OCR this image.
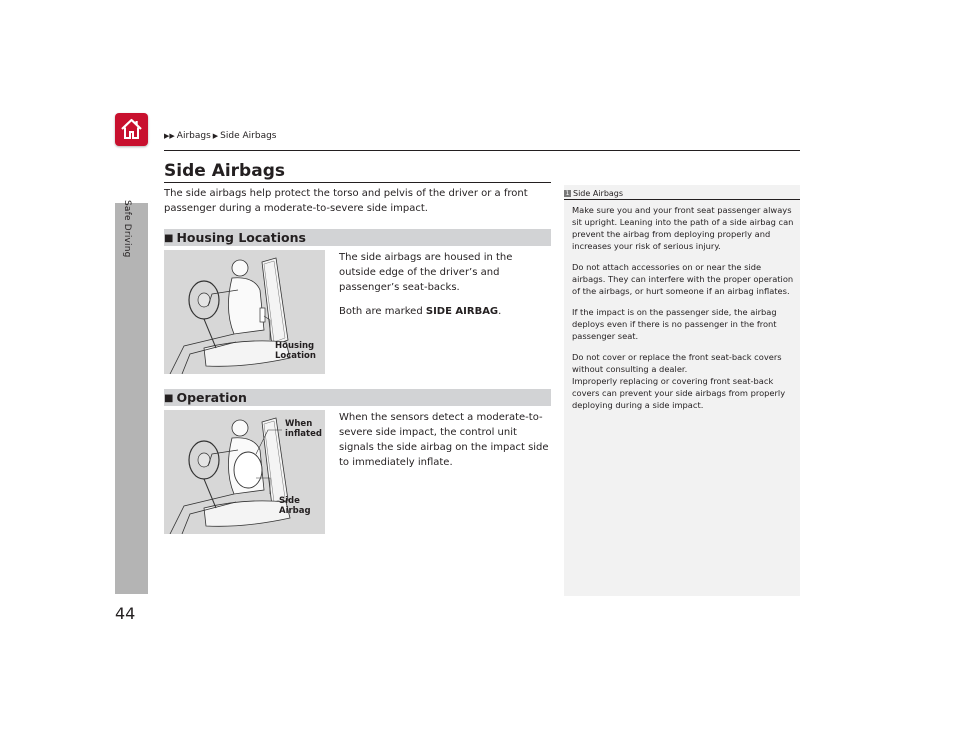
Safe Driving
44
▶▶ Airbags ▶ Side Airbags
Side Airbags
The side airbags help protect the torso and pelvis of the driver or a front passenger during a moderate-to-severe side impact.
■ Housing Locations
Housing
Location

The side airbags are housed in the outside edge of the driver’s and passenger’s seat-backs.

Both are marked SIDE AIRBAG.

■ Operation
When
inflated
Side
Airbag

When the sensors detect a moderate-to-severe side impact, the control unit signals the side airbag on the impact side to immediately inflate.

1 Side Airbags

Make sure you and your front seat passenger always sit upright. Leaning into the path of a side airbag can prevent the airbag from deploying properly and increases your risk of serious injury.

Do not attach accessories on or near the side airbags. They can interfere with the proper operation of the airbags, or hurt someone if an airbag inflates.

If the impact is on the passenger side, the airbag deploys even if there is no passenger in the front passenger seat.

Do not cover or replace the front seat-back covers without consulting a dealer.
Improperly replacing or covering front seat-back covers can prevent your side airbags from properly deploying during a side impact.
